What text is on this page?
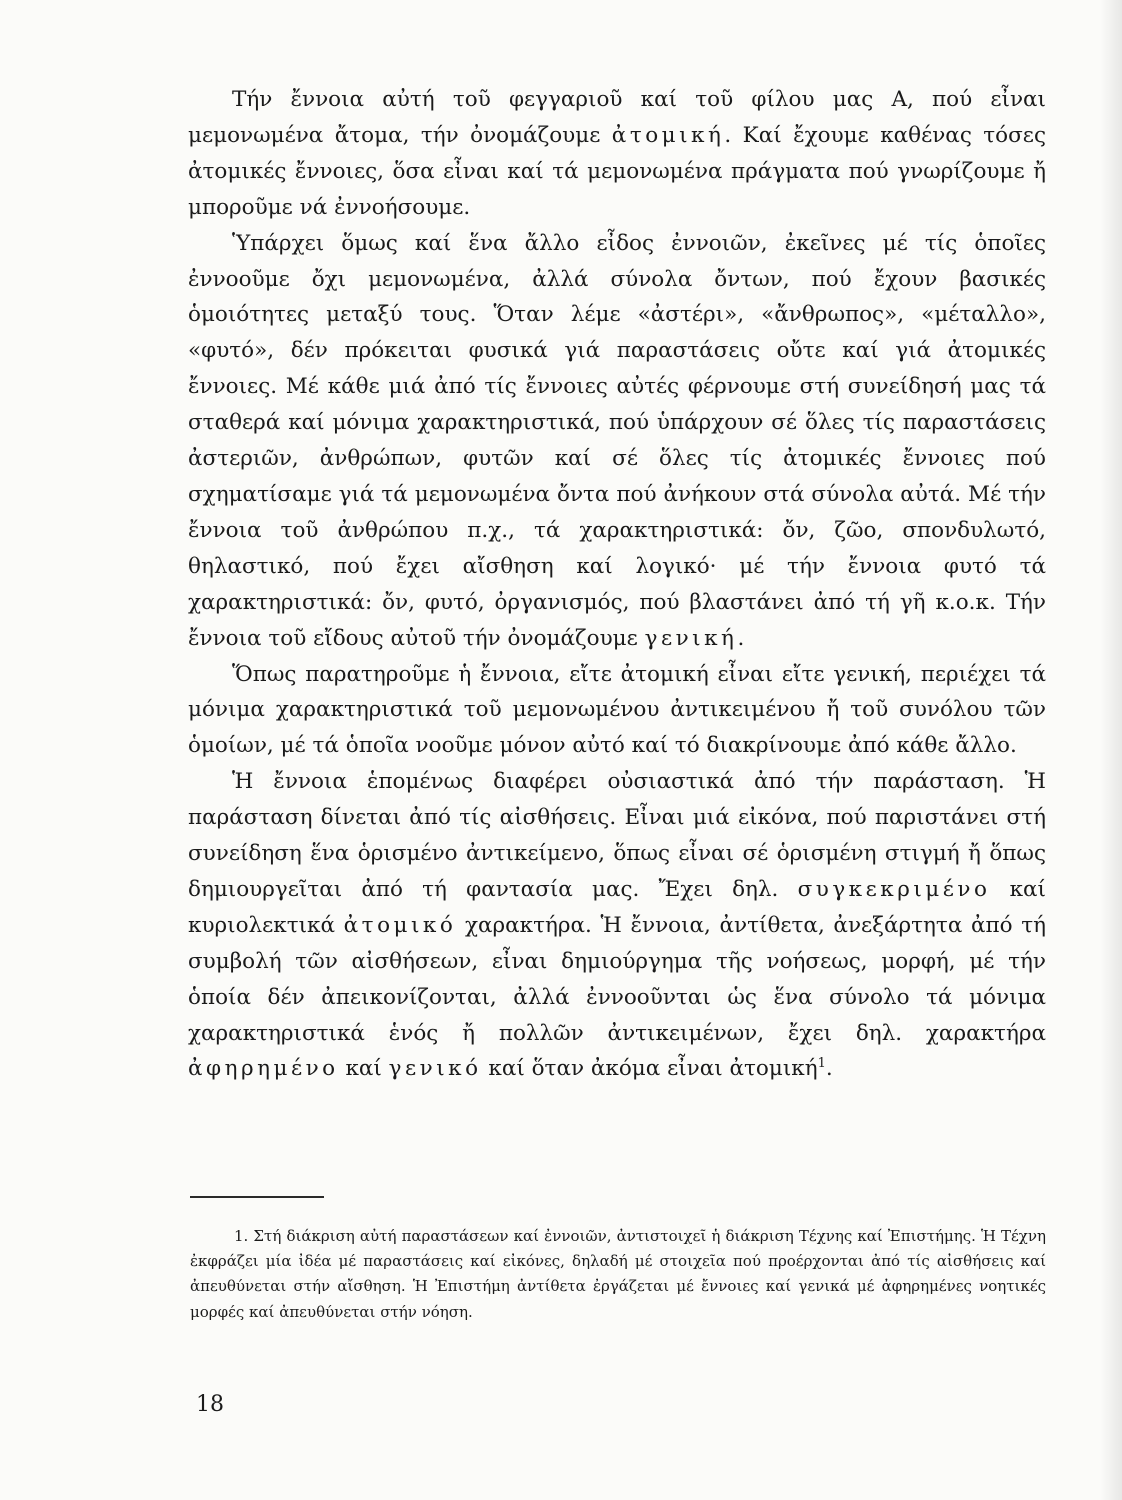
Τήν ἔννοια αὐτή τοῦ φεγγαριοῦ καί τοῦ φίλου μας Α, πού εἶναι μεμονωμένα ἄτομα, τήν ὀνομάζουμε ἀτομική. Καί ἔχουμε καθένας τόσες ἀτομικές ἔννοιες, ὅσα εἶναι καί τά μεμονωμένα πράγματα πού γνωρίζουμε ἤ μποροῦμε νά ἐννοήσουμε.

Ὑπάρχει ὅμως καί ἕνα ἄλλο εἶδος ἐννοιῶν, ἐκεῖνες μέ τίς ὁποῖες ἐννοοῦμε ὄχι μεμονωμένα, ἀλλά σύνολα ὄντων, πού ἔχουν βασικές ὁμοιότητες μεταξύ τους. Ὅταν λέμε «ἀστέρι», «ἄνθρωπος», «μέταλλο», «φυτό», δέν πρόκειται φυσικά γιά παραστάσεις οὔτε καί γιά ἀτομικές ἔννοιες. Μέ κάθε μιά ἀπό τίς ἔννοιες αὐτές φέρνουμε στή συνείδησή μας τά σταθερά καί μόνιμα χαρακτηριστικά, πού ὑπάρχουν σέ ὅλες τίς παραστάσεις ἀστεριῶν, ἀνθρώπων, φυτῶν καί σέ ὅλες τίς ἀτομικές ἔννοιες πού σχηματίσαμε γιά τά μεμονωμένα ὄντα πού ἀνήκουν στά σύνολα αὐτά. Μέ τήν ἔννοια τοῦ ἀνθρώπου π.χ., τά χαρακτηριστικά: ὄν, ζῶο, σπονδυλωτό, θηλαστικό, πού ἔχει αἴσθηση καί λογικό· μέ τήν ἔννοια φυτό τά χαρακτηριστικά: ὄν, φυτό, ὀργανισμός, πού βλαστάνει ἀπό τή γῆ κ.ο.κ. Τήν ἔννοια τοῦ εἴδους αὐτοῦ τήν ὀνομάζουμε γενική.

Ὅπως παρατηροῦμε ἡ ἔννοια, εἴτε ἀτομική εἶναι εἴτε γενική, περιέχει τά μόνιμα χαρακτηριστικά τοῦ μεμονωμένου ἀντικειμένου ἤ τοῦ συνόλου τῶν ὁμοίων, μέ τά ὁποῖα νοοῦμε μόνον αὐτό καί τό διακρίνουμε ἀπό κάθε ἄλλο.

Ἡ ἔννοια ἑπομένως διαφέρει οὐσιαστικά ἀπό τήν παράσταση. Ἡ παράσταση δίνεται ἀπό τίς αἰσθήσεις. Εἶναι μιά εἰκόνα, πού παριστάνει στή συνείδηση ἕνα ὁρισμένο ἀντικείμενο, ὅπως εἶναι σέ ὁρισμένη στιγμή ἤ ὅπως δημιουργεῖται ἀπό τή φαντασία μας. Ἔχει δηλ. συγκεκριμένο καί κυριολεκτικά ἀτομικό χαρακτήρα. Ἡ ἔννοια, ἀντίθετα, ἀνεξάρτητα ἀπό τή συμβολή τῶν αἰσθήσεων, εἶναι δημιούργημα τῆς νοήσεως, μορφή, μέ τήν ὁποία δέν ἀπεικονίζονται, ἀλλά ἐννοοῦνται ὡς ἕνα σύνολο τά μόνιμα χαρακτηριστικά ἑνός ἤ πολλῶν ἀντικειμένων, ἔχει δηλ. χαρακτήρα ἀφηρημένο καί γενικό καί ὅταν ἀκόμα εἶναι ἀτομική$^1$.

1. Στή διάκριση αὐτή παραστάσεων καί ἐννοιῶν, ἀντιστοιχεῖ ἡ διάκριση Τέχνης καί Ἐπιστήμης. Ἡ Τέχνη ἐκφράζει μία ἰδέα μέ παραστάσεις καί εἰκόνες, δηλαδή μέ στοιχεῖα πού προέρχονται ἀπό τίς αἰσθήσεις καί ἀπευθύνεται στήν αἴσθηση. Ἡ Ἐπιστήμη ἀντίθετα ἐργάζεται μέ ἔννοιες καί γενικά μέ ἀφηρημένες νοητικές μορφές καί ἀπευθύνεται στήν νόηση.

18
